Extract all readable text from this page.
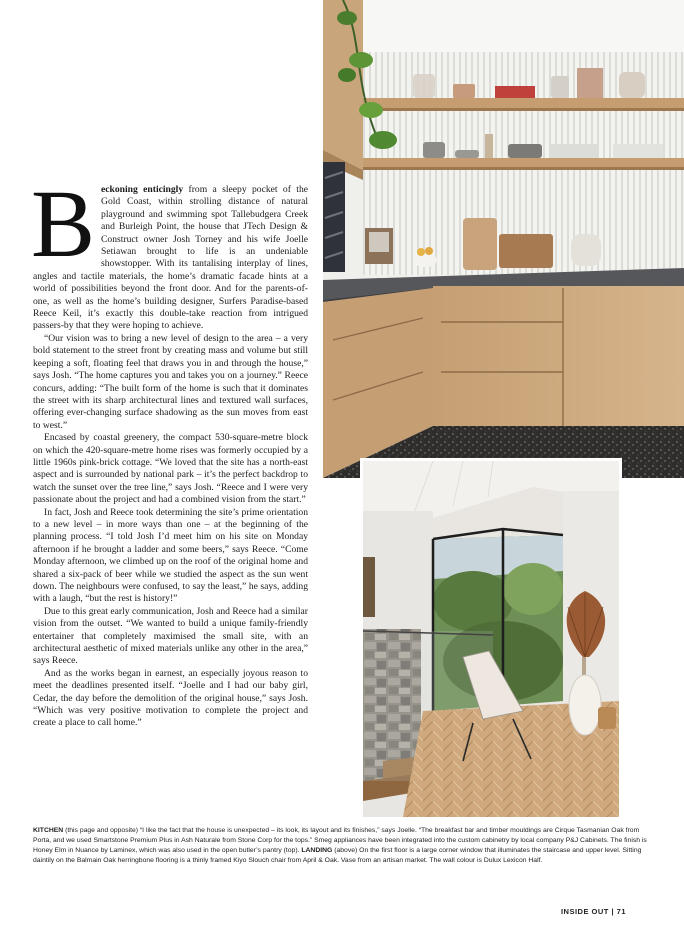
Beckoning enticingly from a sleepy pocket of the Gold Coast, within strolling distance of natural playground and swimming spot Tallebudgera Creek and Burleigh Point, the house that JTech Design & Construct owner Josh Torney and his wife Joelle Setiawan brought to life is an undeniable showstopper. With its tantalising interplay of lines, angles and tactile materials, the home’s dramatic facade hints at a world of possibilities beyond the front door. And for the parents-of-one, as well as the home’s building designer, Surfers Paradise-based Reece Keil, it’s exactly this double-take reaction from intrigued passers-by that they were hoping to achieve.

“Our vision was to bring a new level of design to the area – a very bold statement to the street front by creating mass and volume but still keeping a soft, floating feel that draws you in and through the house,” says Josh. “The home captures you and takes you on a journey.” Reece concurs, adding: “The built form of the home is such that it dominates the street with its sharp architectural lines and textured wall surfaces, offering ever-changing surface shadowing as the sun moves from east to west.”

Encased by coastal greenery, the compact 530-square-metre block on which the 420-square-metre home rises was formerly occupied by a little 1960s pink-brick cottage. “We loved that the site has a north-east aspect and is surrounded by national park – it’s the perfect backdrop to watch the sunset over the tree line,” says Josh. “Reece and I were very passionate about the project and had a combined vision from the start.”

In fact, Josh and Reece took determining the site’s prime orientation to a new level – in more ways than one – at the beginning of the planning process. “I told Josh I’d meet him on his site on Monday afternoon if he brought a ladder and some beers,” says Reece. “Come Monday afternoon, we climbed up on the roof of the original home and shared a six-pack of beer while we studied the aspect as the sun went down. The neighbours were confused, to say the least,” he says, adding with a laugh, “but the rest is history!”

Due to this great early communication, Josh and Reece had a similar vision from the outset. “We wanted to build a unique family-friendly entertainer that completely maximised the small site, with an architectural aesthetic of mixed materials unlike any other in the area,” says Reece.

And as the works began in earnest, an especially joyous reason to meet the deadlines presented itself. “Joelle and I had our baby girl, Cedar, the day before the demolition of the original house,” says Josh. “Which was very positive motivation to complete the project and create a place to call home.”

KITCHEN (this page and opposite) “I like the fact that the house is unexpected – its look, its layout and its finishes,” says Joelle. “The breakfast bar and timber mouldings are Cirque Tasmanian Oak from Porta, and we used Smartstone Premium Plus in Ash Naturale from Stone Corp for the tops.” Smeg appliances have been integrated into the custom cabinetry by local company P&J Cabinets. The finish is Honey Elm in Nuance by Laminex, which was also used in the open butler’s pantry (top). LANDING (above) On the first floor is a large corner window that illuminates the staircase and upper level. Sitting daintily on the Balmain Oak herringbone flooring is a thinly framed Kiyo Slouch chair from April & Oak. Vase from an artisan market. The wall colour is Dulux Lexicon Half.
INSIDE OUT | 71
